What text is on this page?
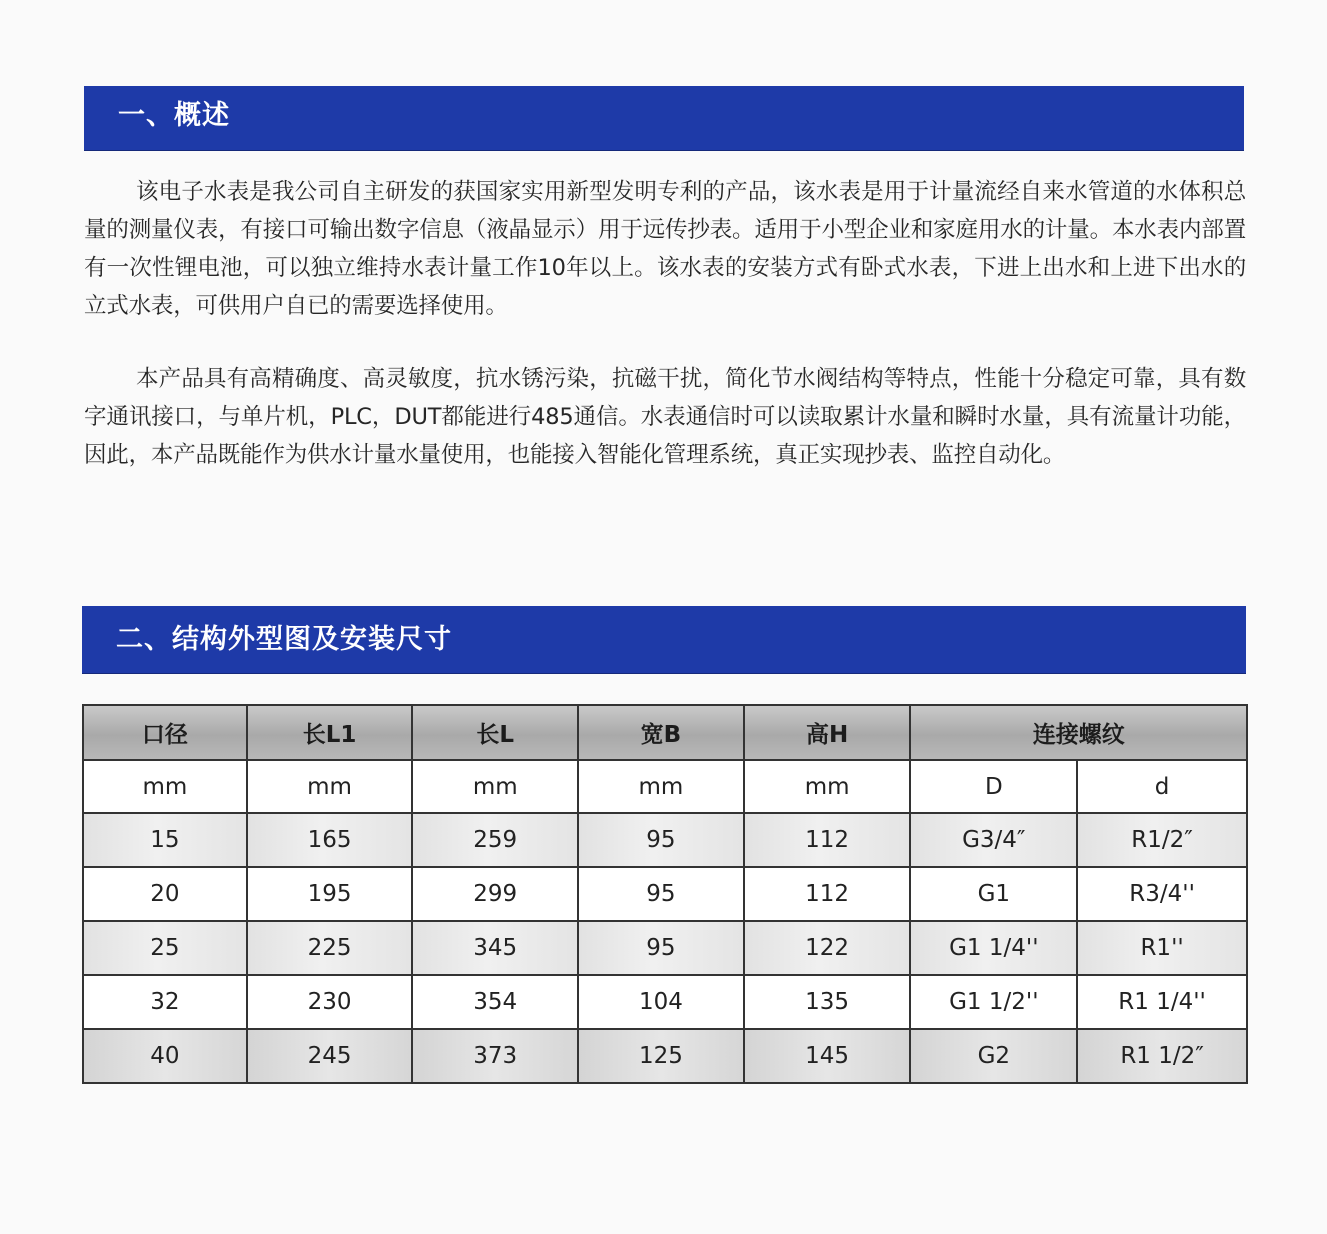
一、概述

该电子水表是我公司自主研发的获国家实用新型发明专利的产品，该水表是用于计量流经自来水管道的水体积总量的测量仪表，有接口可输出数字信息（液晶显示）用于远传抄表。适用于小型企业和家庭用水的计量。本水表内部置有一次性锂电池，可以独立维持水表计量工作10年以上。该水表的安装方式有卧式水表，下进上出水和上进下出水的立式水表，可供用户自已的需要选择使用。

本产品具有高精确度、高灵敏度，抗水锈污染，抗磁干扰，简化节水阀结构等特点，性能十分稳定可靠，具有数字通讯接口，与单片机，PLC，DUT都能进行485通信。水表通信时可以读取累计水量和瞬时水量，具有流量计功能，因此，本产品既能作为供水计量水量使用，也能接入智能化管理系统，真正实现抄表、监控自动化。

二、结构外型图及安装尺寸
口径	长L1	长L	宽B	高H	连接螺纹	
mm	mm	mm	mm	mm	D	d
15	165	259	95	112	G3/4″	R1/2″
20	195	299	95	112	G1	R3/4''
25	225	345	95	122	G1 1/4''	R1''
32	230	354	104	135	G1 1/2''	R1 1/4''
40	245	373	125	145	G2	R1 1/2″
